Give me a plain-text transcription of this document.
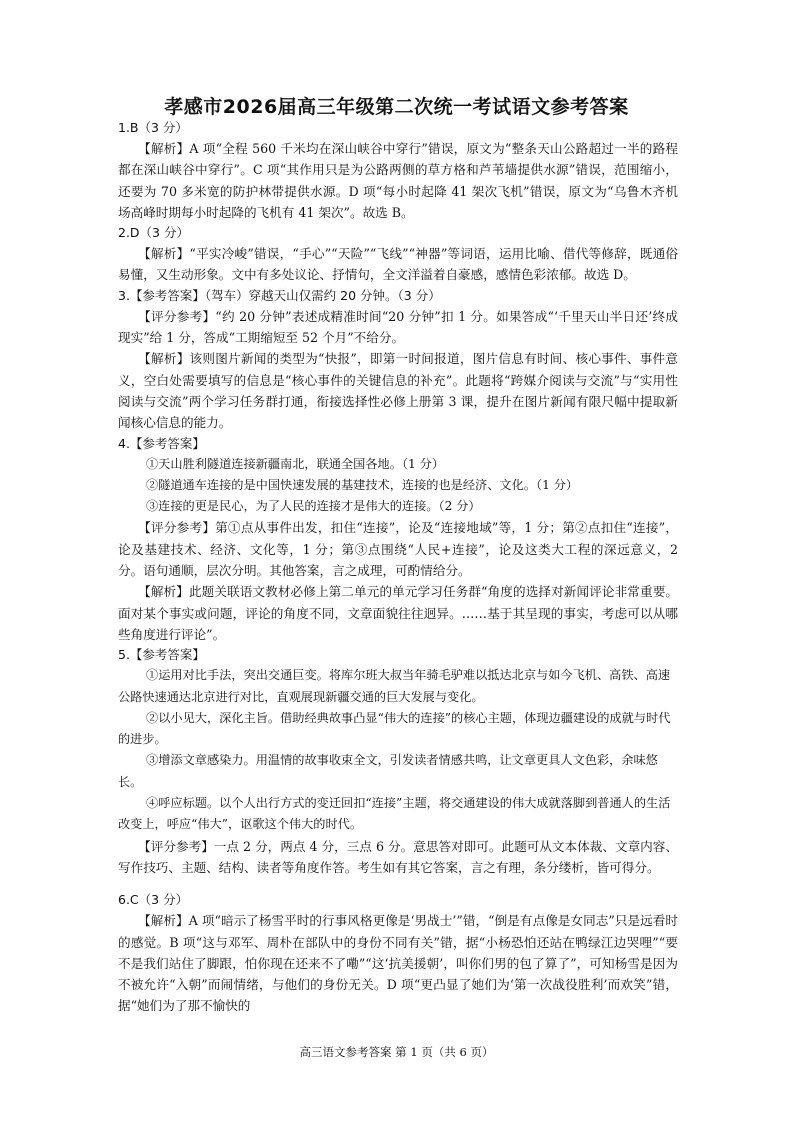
孝感市2026届高三年级第二次统一考试语文参考答案

1.B（3 分）

【解析】A 项“全程 560 千米均在深山峡谷中穿行”错误，原文为“整条天山公路超过一半的路程都在深山峡谷中穿行”。C 项“其作用只是为公路两侧的草方格和芦苇墙提供水源”错误，范围缩小，还要为 70 多米宽的防护林带提供水源。D 项“每小时起降 41 架次飞机”错误，原文为“乌鲁木齐机场高峰时期每小时起降的飞机有 41 架次”。故选 B。

2.D（3 分）

【解析】“平实冷峻”错误，“手心”“天险”“飞线”“神器”等词语，运用比喻、借代等修辞，既通俗易懂，又生动形象。文中有多处议论、抒情句，全文洋溢着自豪感，感情色彩浓郁。故选 D。

3.【参考答案】（驾车）穿越天山仅需约 20 分钟。（3 分）

【评分参考】“约 20 分钟”表述成精准时间“20 分钟”扣 1 分。如果答成“‘千里天山半日还’终成现实”给 1 分，答成“工期缩短至 52 个月”不给分。

【解析】该则图片新闻的类型为“快报”，即第一时间报道，图片信息有时间、核心事件、事件意义，空白处需要填写的信息是“核心事件的关键信息的补充”。此题将“跨媒介阅读与交流”与“实用性阅读与交流”两个学习任务群打通，衔接选择性必修上册第 3 课，提升在图片新闻有限尺幅中提取新闻核心信息的能力。

4.【参考答案】

①天山胜利隧道连接新疆南北，联通全国各地。（1 分）

②隧道通车连接的是中国快速发展的基建技术，连接的也是经济、文化。（1 分）

③连接的更是民心，为了人民的连接才是伟大的连接。（2 分）

【评分参考】第①点从事件出发，扣住“连接”，论及“连接地域”等，1 分；第②点扣住“连接”，论及基建技术、经济、文化等，1 分；第③点围绕“人民+连接”，论及这类大工程的深远意义，2 分。语句通顺，层次分明。其他答案，言之成理，可酌情给分。

【解析】此题关联语文教材必修上第二单元的单元学习任务群“角度的选择对新闻评论非常重要。面对某个事实或问题，评论的角度不同，文章面貌往往迥异。……基于其呈现的事实，考虑可以从哪些角度进行评论”。

5.【参考答案】

①运用对比手法，突出交通巨变。将库尔班大叔当年骑毛驴难以抵达北京与如今飞机、高铁、高速公路快速通达北京进行对比，直观展现新疆交通的巨大发展与变化。

②以小见大，深化主旨。借助经典故事凸显“伟大的连接”的核心主题，体现边疆建设的成就与时代的进步。

③增添文章感染力。用温情的故事收束全文，引发读者情感共鸣，让文章更具人文色彩，余味悠长。

④呼应标题。以个人出行方式的变迁回扣“连接”主题，将交通建设的伟大成就落脚到普通人的生活改变上，呼应“伟大”，讴歌这个伟大的时代。

【评分参考】一点 2 分，两点 4 分，三点 6 分。意思答对即可。此题可从文本体裁、文章内容、写作技巧、主题、结构、读者等角度作答。考生如有其它答案，言之有理，条分缕析，皆可得分。

6.C（3 分）

【解析】A 项“暗示了杨雪平时的行事风格更像是‘男战士’”错，“倒是有点像是女同志”只是远看时的感觉。B 项“这与邓军、周朴在部队中的身份不同有关”错，据“小杨恐怕还站在鸭绿江边哭哩”“要不是我们站住了脚跟，怕你现在还来不了嘞”“这‘抗美援朝’，叫你们男的包了算了”，可知杨雪是因为不被允许“入朝”而闹情绪，与他们的身份无关。D 项“更凸显了她们为‘第一次战役胜利’而欢笑”错，据“她们为了那不愉快的

高三语文参考答案 第 1 页（共 6 页）
